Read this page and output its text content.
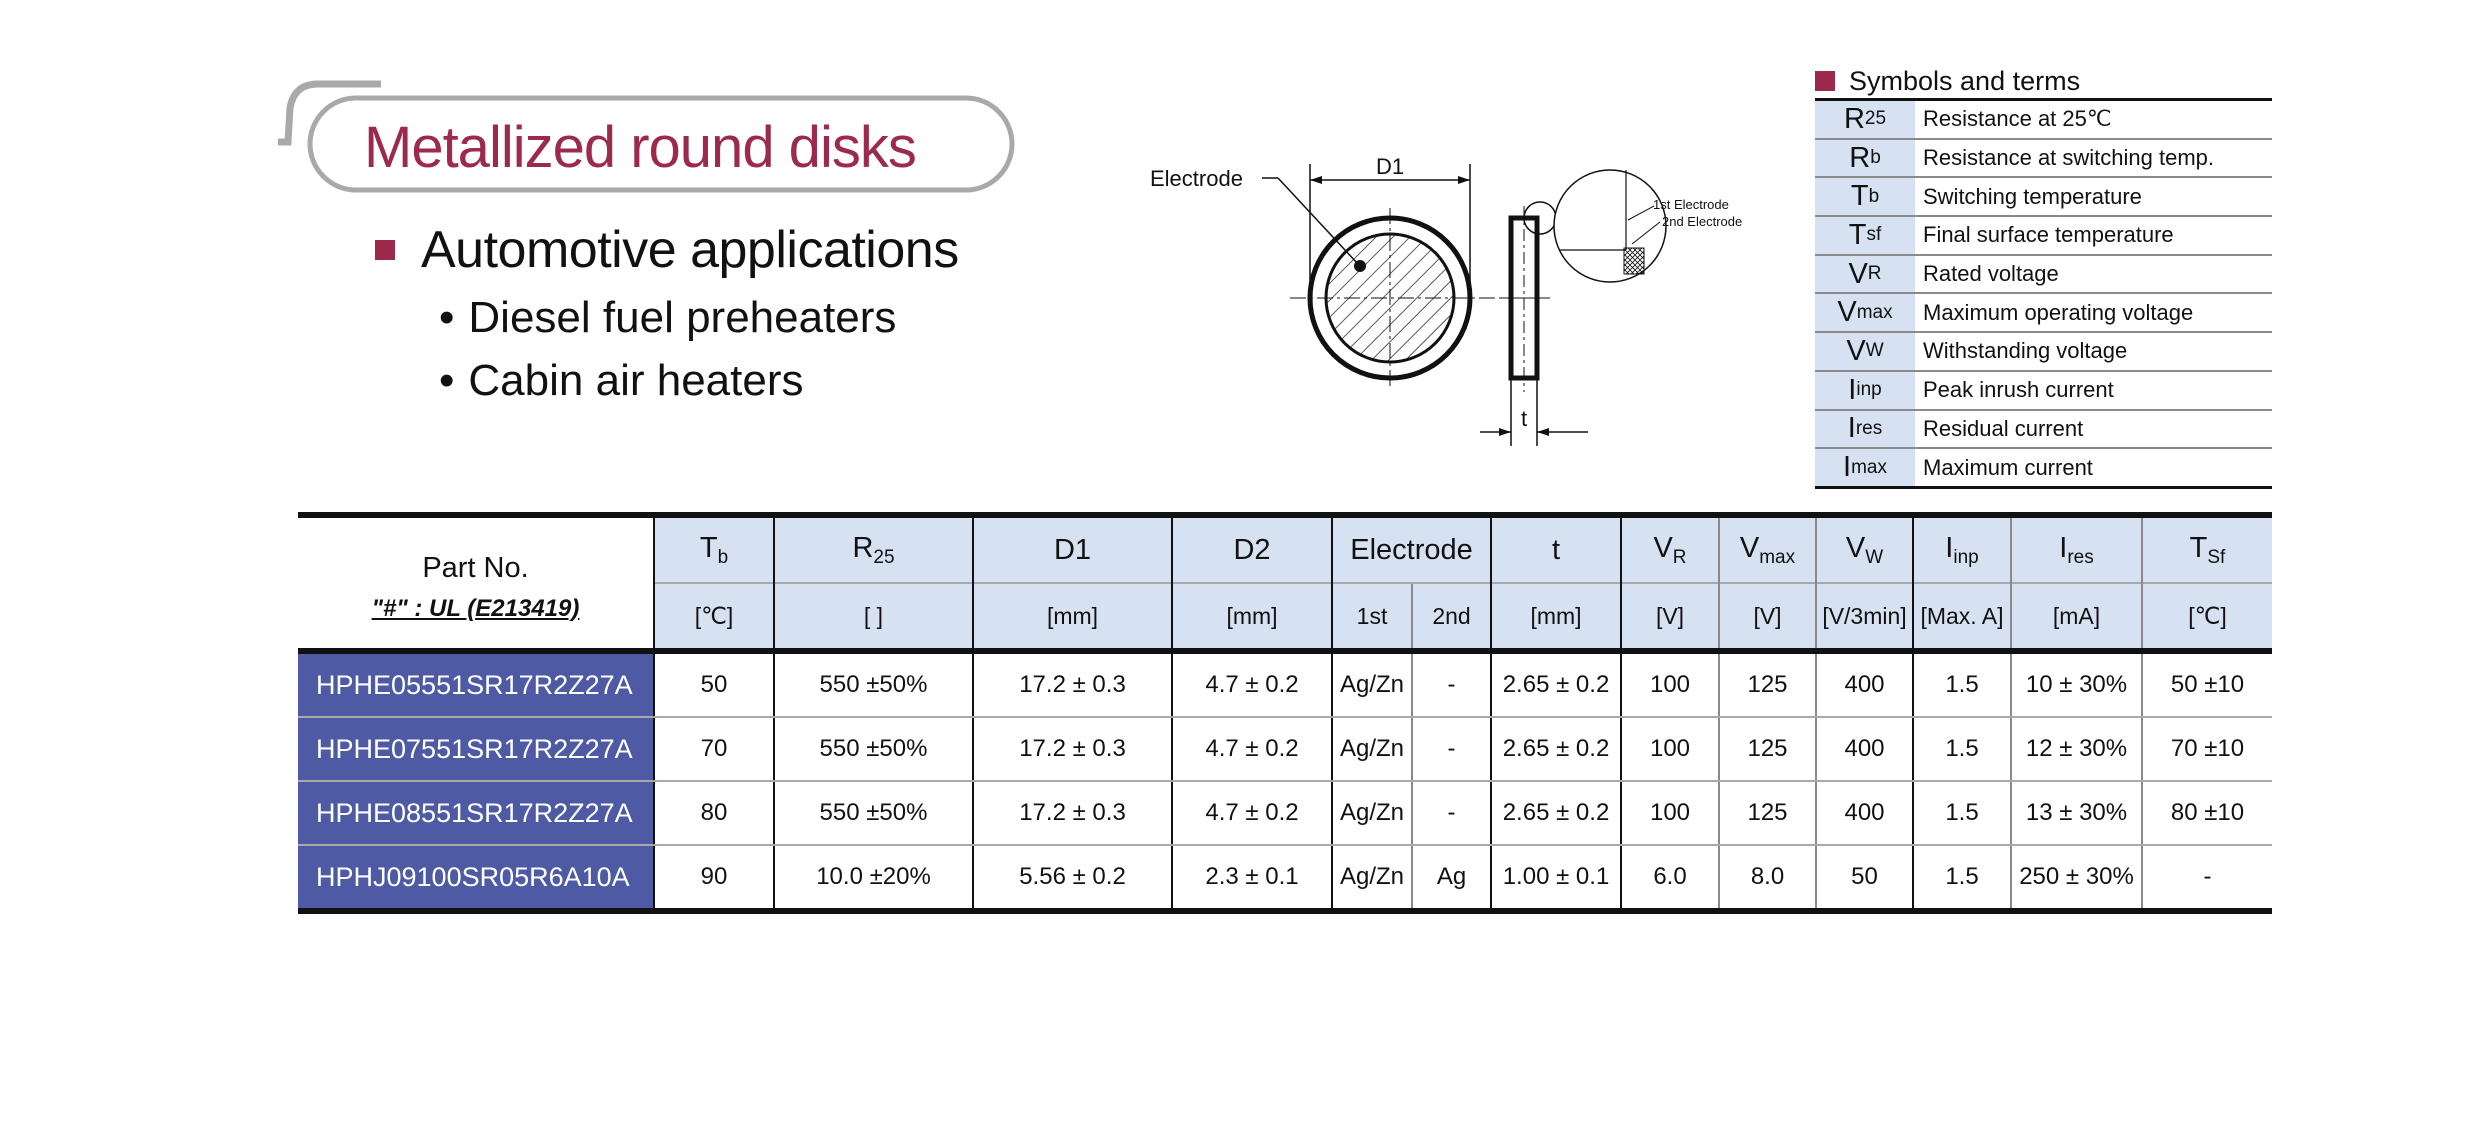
Metallized round disks
Automotive applications
• Diesel fuel preheaters
• Cabin air heaters
D1
Electrode
t
1st Electrode
2nd Electrode
Symbols and terms
R 25	Resistance at 25℃
R b	Resistance at switching temp.
T b	Switching temperature
T sf	Final surface temperature
V R	Rated voltage
V max	Maximum operating voltage
V W	Withstanding voltage
I inp	Peak inrush current
I res	Residual current
I max	Maximum current
Part No.
"#" : UL (E213419)	$T_b$	$R_{25}$	D1	D2	Electrode		t	$V_R$	$V_{max}$	$V_W$	$I_{inp}$	$I_{res}$	$T_{Sf}$
	[℃]	[ ]	[mm]	[mm]	1st	2nd	[mm]	[V]	[V]	[V/3min]	[Max. A]	[mA]	[℃]
HPHE05551SR17R2Z27A	50	550 ±50%	17.2 ± 0.3	4.7 ± 0.2	Ag/Zn	-	2.65 ± 0.2	100	125	400	1.5	10 ± 30%	50 ±10
HPHE07551SR17R2Z27A	70	550 ±50%	17.2 ± 0.3	4.7 ± 0.2	Ag/Zn	-	2.65 ± 0.2	100	125	400	1.5	12 ± 30%	70 ±10
HPHE08551SR17R2Z27A	80	550 ±50%	17.2 ± 0.3	4.7 ± 0.2	Ag/Zn	-	2.65 ± 0.2	100	125	400	1.5	13 ± 30%	80 ±10
HPHJ09100SR05R6A10A	90	10.0 ±20%	5.56 ± 0.2	2.3 ± 0.1	Ag/Zn	Ag	1.00 ± 0.1	6.0	8.0	50	1.5	250 ± 30%	-
